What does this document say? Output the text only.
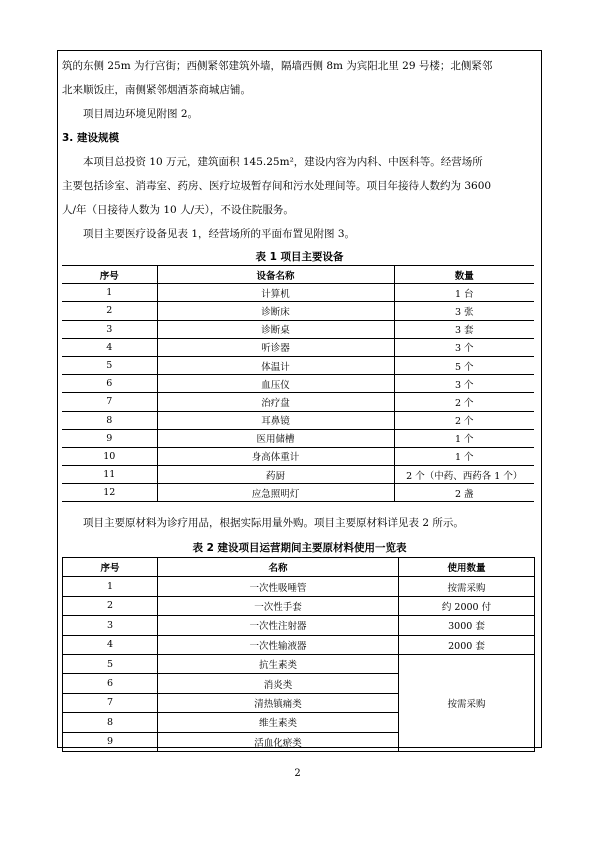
筑的东侧 25m 为行宫街；西侧紧邻建筑外墙，隔墙西侧 8m 为宾阳北里 29 号楼；北侧紧邻

北来顺饭庄，南侧紧邻烟酒茶商城店铺。

项目周边环境见附图 2。

3. 建设规模

本项目总投资 10 万元，建筑面积 145.25m²，建设内容为内科、中医科等。经营场所

主要包括诊室、消毒室、药房、医疗垃圾暂存间和污水处理间等。项目年接待人数约为 3600

人/年（日接待人数为 10 人/天），不设住院服务。

项目主要医疗设备见表 1，经营场所的平面布置见附图 3。

表 1 项目主要设备
序号	设备名称	数量
1	计算机	1 台
2	诊断床	3 张
3	诊断桌	3 套
4	听诊器	3 个
5	体温计	5 个
6	血压仪	3 个
7	治疗盘	2 个
8	耳鼻镜	2 个
9	医用储槽	1 个
10	身高体重计	1 个
11	药厨	2 个（中药、西药各 1 个）
12	应急照明灯	2 盏

项目主要原材料为诊疗用品，根据实际用量外购。项目主要原材料详见表 2 所示。

表 2 建设项目运营期间主要原材料使用一览表
序号	名称	使用数量
1	一次性吸唾管	按需采购
2	一次性手套	约 2000 付
3	一次性注射器	3000 套
4	一次性输液器	2000 套
5	抗生素类	按需采购
6	消炎类	
7	清热镇痛类	
8	维生素类	
9	活血化瘀类	
2
